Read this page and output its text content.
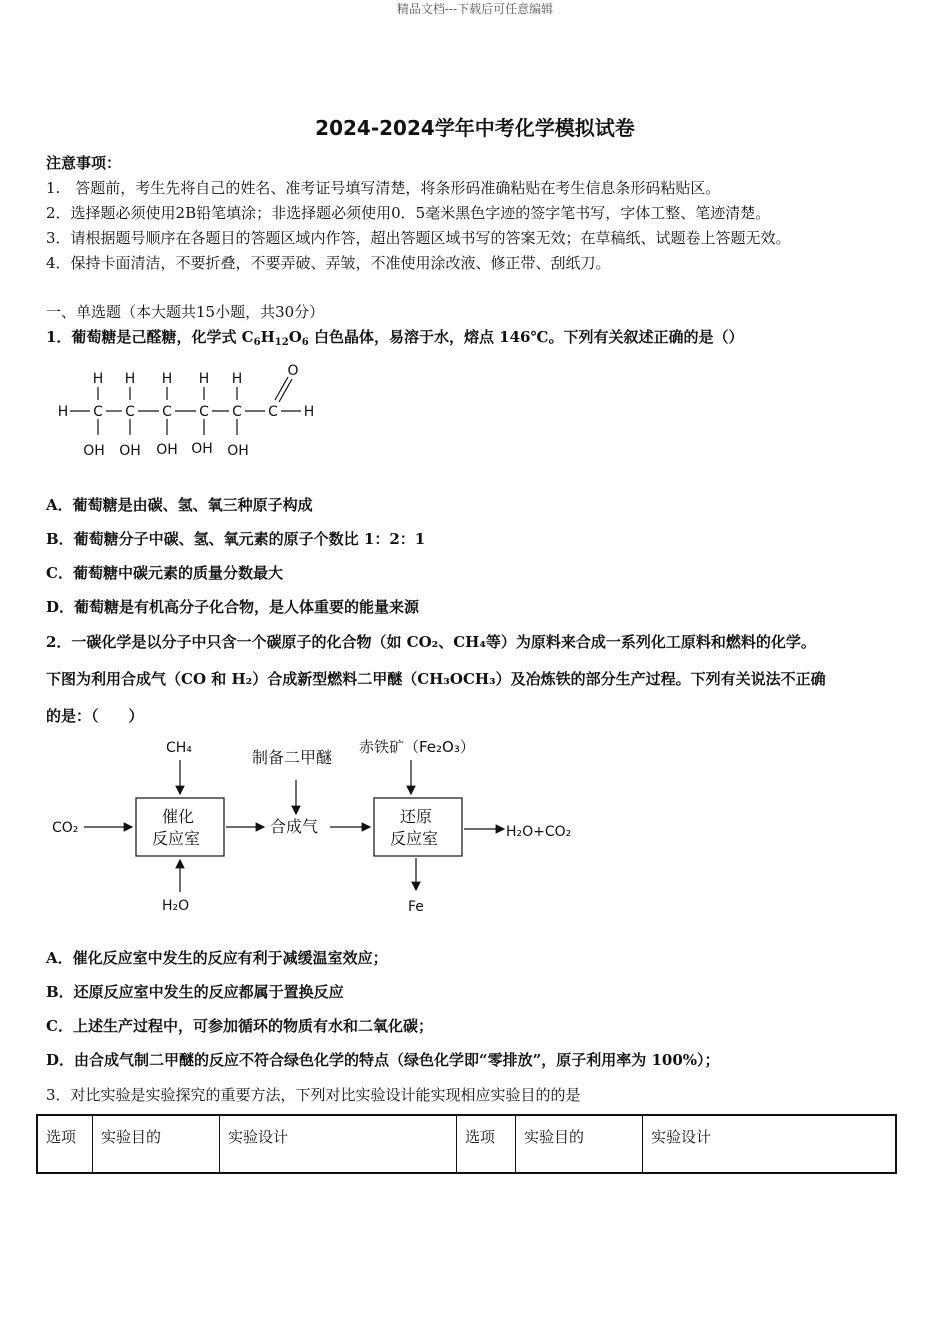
精品文档---下载后可任意编辑
2024-2024学年中考化学模拟试卷
注意事项：
1.　答题前，考生先将自己的姓名、准考证号填写清楚，将条形码准确粘贴在考生信息条形码粘贴区。
2．选择题必须使用2B铅笔填涂；非选择题必须使用0．5毫米黑色字迹的签字笔书写，字体工整、笔迹清楚。
3．请根据题号顺序在各题目的答题区域内作答，超出答题区域书写的答案无效；在草稿纸、试题卷上答题无效。
4．保持卡面清洁，不要折叠，不要弄破、弄皱，不准使用涂改液、修正带、刮纸刀。
一、单选题（本大题共15小题，共30分）
1．葡萄糖是己醛糖，化学式 $C_6H_{12}O_6$ 白色晶体，易溶于水，熔点 146℃。下列有关叙述正确的是（）
H H H H H	O
H C C C C C C H
OH OH OH OH OH
A．葡萄糖是由碳、氢、氧三种原子构成
B．葡萄糖分子中碳、氢、氧元素的原子个数比 1：2：1
C．葡萄糖中碳元素的质量分数最大
D．葡萄糖是有机高分子化合物，是人体重要的能量来源
2．一碳化学是以分子中只含一个碳原子的化合物（如 CO₂、CH₄等）为原料来合成一系列化工原料和燃料的化学。
下图为利用合成气（CO 和 H₂）合成新型燃料二甲醚（CH₃OCH₃）及冶炼铁的部分生产过程。下列有关说法不正确
的是：（　　）
CH₄
CO₂
催化
反应室
H₂O
制备二甲醚
合成气
赤铁矿（Fe₂O₃）
还原
反应室	H₂O+CO₂
Fe
A．催化反应室中发生的反应有利于减缓温室效应；
B．还原反应室中发生的反应都属于置换反应
C．上述生产过程中，可参加循环的物质有水和二氧化碳；
D．由合成气制二甲醚的反应不符合绿色化学的特点（绿色化学即“零排放”，原子利用率为 100%）；
3．对比实验是实验探究的重要方法，下列对比实验设计能实现相应实验目的的是
选项	实验目的	实验设计	选项	实验目的	实验设计
